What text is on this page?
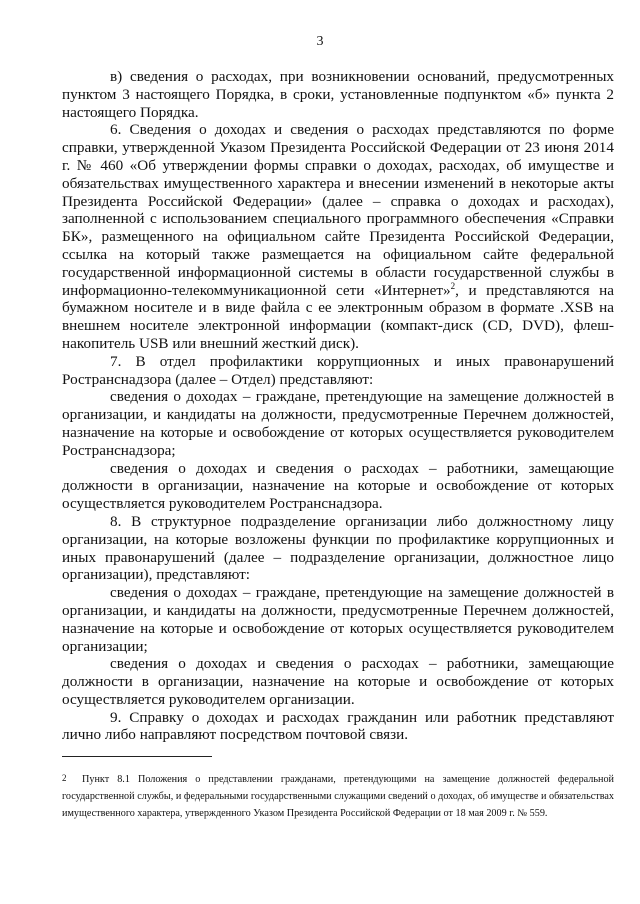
3

в) сведения о расходах, при возникновении оснований, предусмотренных пунктом 3 настоящего Порядка, в сроки, установленные подпунктом «б» пункта 2 настоящего Порядка.

6. Сведения о доходах и сведения о расходах представляются по форме справки, утвержденной Указом Президента Российской Федерации от 23 июня 2014 г. № 460 «Об утверждении формы справки о доходах, расходах, об имуществе и обязательствах имущественного характера и внесении изменений в некоторые акты Президента Российской Федерации» (далее – справка о доходах и расходах), заполненной с использованием специального программного обеспечения «Справки БК», размещенного на официальном сайте Президента Российской Федерации, ссылка на который также размещается на официальном сайте федеральной государственной информационной системы в области государственной службы в информационно-телекоммуникационной сети «Интернет»$^2$, и представляются на бумажном носителе и в виде файла с ее электронным образом в формате .XSB на внешнем носителе электронной информации (компакт-диск (CD, DVD), флеш-накопитель USB или внешний жесткий диск).

7. В отдел профилактики коррупционных и иных правонарушений Ространснадзора (далее – Отдел) представляют:

сведения о доходах – граждане, претендующие на замещение должностей в организации, и кандидаты на должности, предусмотренные Перечнем должностей, назначение на которые и освобождение от которых осуществляется руководителем Ространснадзора;

сведения о доходах и сведения о расходах – работники, замещающие должности в организации, назначение на которые и освобождение от которых осуществляется руководителем Ространснадзора.

8. В структурное подразделение организации либо должностному лицу организации, на которые возложены функции по профилактике коррупционных и иных правонарушений (далее – подразделение организации, должностное лицо организации), представляют:

сведения о доходах – граждане, претендующие на замещение должностей в организации, и кандидаты на должности, предусмотренные Перечнем должностей, назначение на которые и освобождение от которых осуществляется руководителем организации;

сведения о доходах и сведения о расходах – работники, замещающие должности в организации, назначение на которые и освобождение от которых осуществляется руководителем организации.

9. Справку о доходах и расходах гражданин или работник представляют лично либо направляют посредством почтовой связи.

2 Пункт 8.1 Положения о представлении гражданами, претендующими на замещение должностей федеральной государственной службы, и федеральными государственными служащими сведений о доходах, об имуществе и обязательствах имущественного характера, утвержденного Указом Президента Российской Федерации от 18 мая 2009 г. № 559.
